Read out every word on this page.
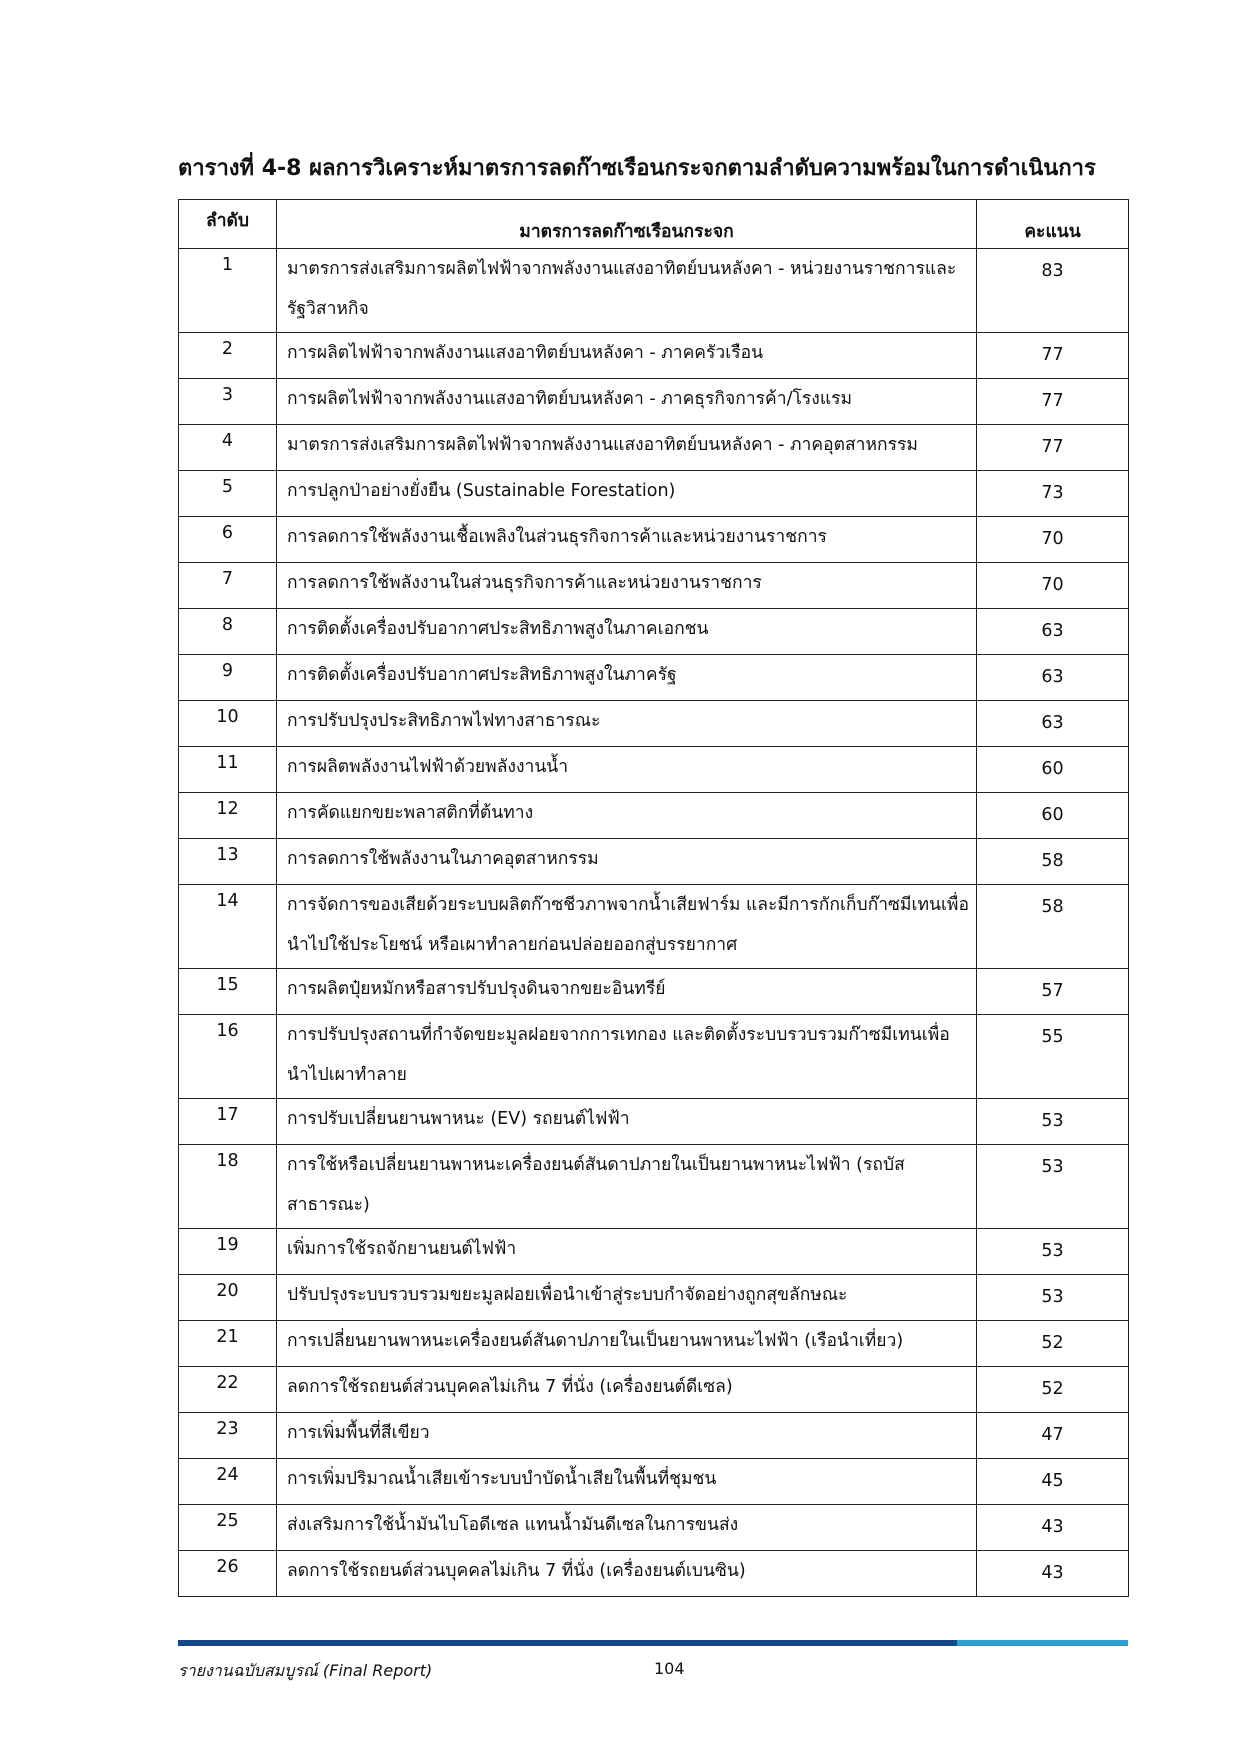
ตารางที่ 4-8 ผลการวิเคราะห์มาตรการลดก๊าซเรือนกระจกตามลำดับความพร้อมในการดำเนินการ
ลำดับ	มาตรการลดก๊าซเรือนกระจก	คะแนน
1	มาตรการส่งเสริมการผลิตไฟฟ้าจากพลังงานแสงอาทิตย์บนหลังคา - หน่วยงานราชการและรัฐวิสาหกิจ	83
2	การผลิตไฟฟ้าจากพลังงานแสงอาทิตย์บนหลังคา - ภาคครัวเรือน	77
3	การผลิตไฟฟ้าจากพลังงานแสงอาทิตย์บนหลังคา - ภาคธุรกิจการค้า/โรงแรม	77
4	มาตรการส่งเสริมการผลิตไฟฟ้าจากพลังงานแสงอาทิตย์บนหลังคา - ภาคอุตสาหกรรม	77
5	การปลูกป่าอย่างยั่งยืน (Sustainable Forestation)	73
6	การลดการใช้พลังงานเชื้อเพลิงในส่วนธุรกิจการค้าและหน่วยงานราชการ	70
7	การลดการใช้พลังงานในส่วนธุรกิจการค้าและหน่วยงานราชการ	70
8	การติดตั้งเครื่องปรับอากาศประสิทธิภาพสูงในภาคเอกชน	63
9	การติดตั้งเครื่องปรับอากาศประสิทธิภาพสูงในภาครัฐ	63
10	การปรับปรุงประสิทธิภาพไฟทางสาธารณะ	63
11	การผลิตพลังงานไฟฟ้าด้วยพลังงานน้ำ	60
12	การคัดแยกขยะพลาสติกที่ต้นทาง	60
13	การลดการใช้พลังงานในภาคอุตสาหกรรม	58
14	การจัดการของเสียด้วยระบบผลิตก๊าซชีวภาพจากน้ำเสียฟาร์ม และมีการกักเก็บก๊าซมีเทนเพื่อนำไปใช้ประโยชน์ หรือเผาทำลายก่อนปล่อยออกสู่บรรยากาศ	58
15	การผลิตปุ๋ยหมักหรือสารปรับปรุงดินจากขยะอินทรีย์	57
16	การปรับปรุงสถานที่กำจัดขยะมูลฝอยจากการเทกอง และติดตั้งระบบรวบรวมก๊าซมีเทนเพื่อนำไปเผาทำลาย	55
17	การปรับเปลี่ยนยานพาหนะ (EV) รถยนต์ไฟฟ้า	53
18	การใช้หรือเปลี่ยนยานพาหนะเครื่องยนต์สันดาปภายในเป็นยานพาหนะไฟฟ้า (รถบัสสาธารณะ)	53
19	เพิ่มการใช้รถจักยานยนต์ไฟฟ้า	53
20	ปรับปรุงระบบรวบรวมขยะมูลฝอยเพื่อนำเข้าสู่ระบบกำจัดอย่างถูกสุขลักษณะ	53
21	การเปลี่ยนยานพาหนะเครื่องยนต์สันดาปภายในเป็นยานพาหนะไฟฟ้า (เรือนำเที่ยว)	52
22	ลดการใช้รถยนต์ส่วนบุคคลไม่เกิน 7 ที่นั่ง (เครื่องยนต์ดีเซล)	52
23	การเพิ่มพื้นที่สีเขียว	47
24	การเพิ่มปริมาณน้ำเสียเข้าระบบบำบัดน้ำเสียในพื้นที่ชุมชน	45
25	ส่งเสริมการใช้น้ำมันไบโอดีเซล แทนน้ำมันดีเซลในการขนส่ง	43
26	ลดการใช้รถยนต์ส่วนบุคคลไม่เกิน 7 ที่นั่ง (เครื่องยนต์เบนซิน)	43
รายงานฉบับสมบูรณ์ (Final Report)	104
